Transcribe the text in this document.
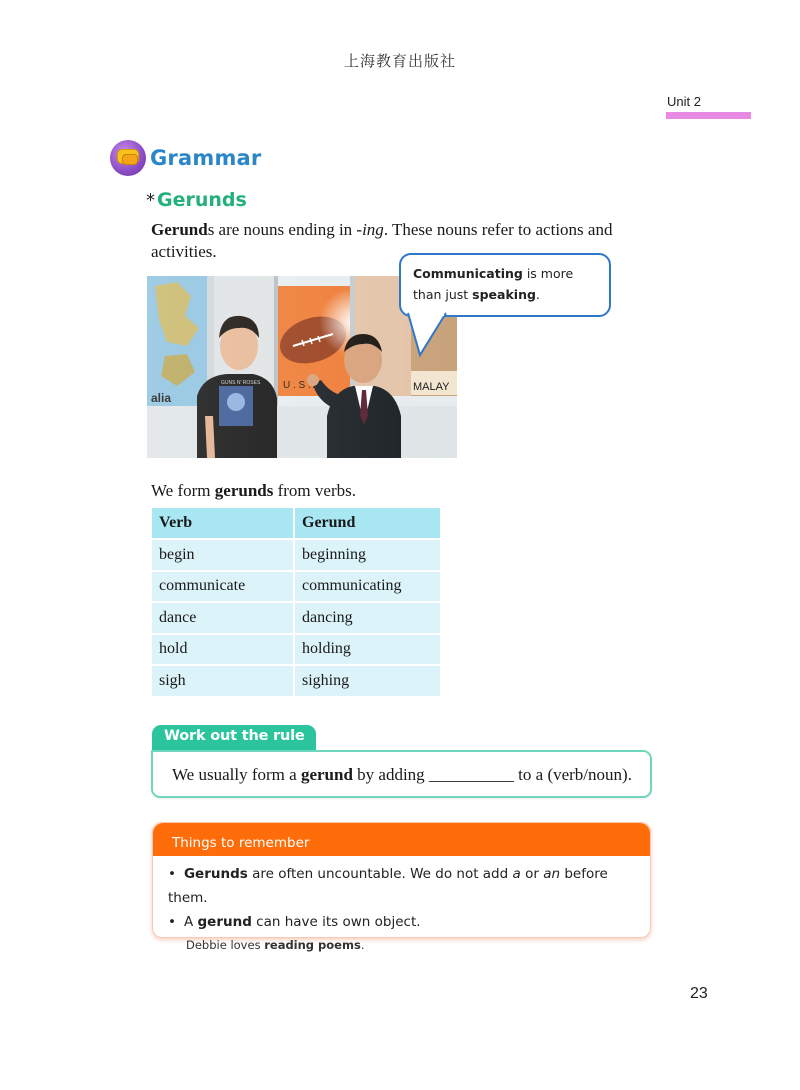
上海教育出版社
Unit 2
Grammar
* Gerunds

Gerunds are nouns ending in -ing. These nouns refer to actions and activities.

Communicating is more than just speaking.

We form gerunds from verbs.

Verb	Gerund
begin	beginning
communicate	communicating
dance	dancing
hold	holding
sigh	sighing
Work out the rule

We usually form a gerund by adding __________ to a (verb/noun).

Things to remember
• Gerunds are often uncountable. We do not add a or an before them.
• A gerund can have its own object.

Debbie loves reading poems.

23
